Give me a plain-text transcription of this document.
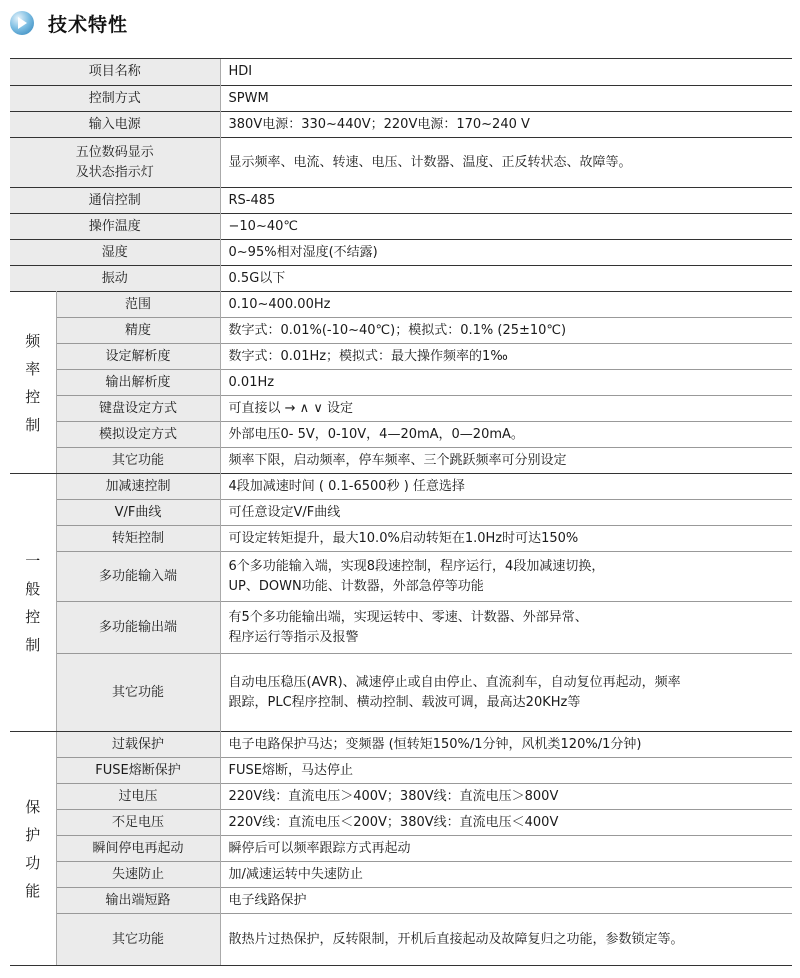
技术特性
项目名称		HDI
控制方式		SPWM
输入电源		380V电源：330~440V；220V电源：170~240 V

五位数码显示
及状态指示灯		显示频率、电流、转速、电压、计数器、温度、正反转状态、故障等。
通信控制		RS-485
操作温度		−10~40℃
湿度		0~95%相对湿度(不结露)
振动		0.5G以下

频
率
控
制	范围	0.10~400.00Hz
	精度	数字式：0.01%(-10~40℃)；模拟式：0.1% (25±10℃)
	设定解析度	数字式：0.01Hz；模拟式：最大操作频率的1‰
	输出解析度	0.01Hz
	键盘设定方式	可直接以 → ∧ ∨ 设定
	模拟设定方式	外部电压0- 5V，0-10V，4—20mA，0—20mA。
	其它功能	频率下限，启动频率，停车频率、三个跳跃频率可分别设定

一
般
控
制	加减速控制	4段加减速时间 ( 0.1-6500秒 ) 任意选择
	V/F曲线	可任意设定V/F曲线
	转矩控制	可设定转矩提升，最大10.0%启动转矩在1.0Hz时可达150%
	多功能输入端	6个多功能输入端，实现8段速控制，程序运行，4段加减速切换，
UP、DOWN功能、计数器，外部急停等功能

	多功能输出端	有5个多功能输出端，实现运转中、零速、计数器、外部异常、
程序运行等指示及报警

	其它功能	自动电压稳压(AVR)、减速停止或自由停止、直流刹车，自动复位再起动，频率
跟踪，PLC程序控制、横动控制、载波可调，最高达20KHz等

保
护
功
能	过载保护	电子电路保护马达；变频器 (恒转矩150%/1分钟，风机类120%/1分钟)
	FUSE熔断保护	FUSE熔断，马达停止
	过电压	220V线：直流电压＞400V；380V线：直流电压＞800V
	不足电压	220V线：直流电压＜200V；380V线：直流电压＜400V
	瞬间停电再起动	瞬停后可以频率跟踪方式再起动
	失速防止	加/减速运转中失速防止
	输出端短路	电子线路保护
	其它功能	散热片过热保护，反转限制，开机后直接起动及故障复归之功能，参数锁定等。
